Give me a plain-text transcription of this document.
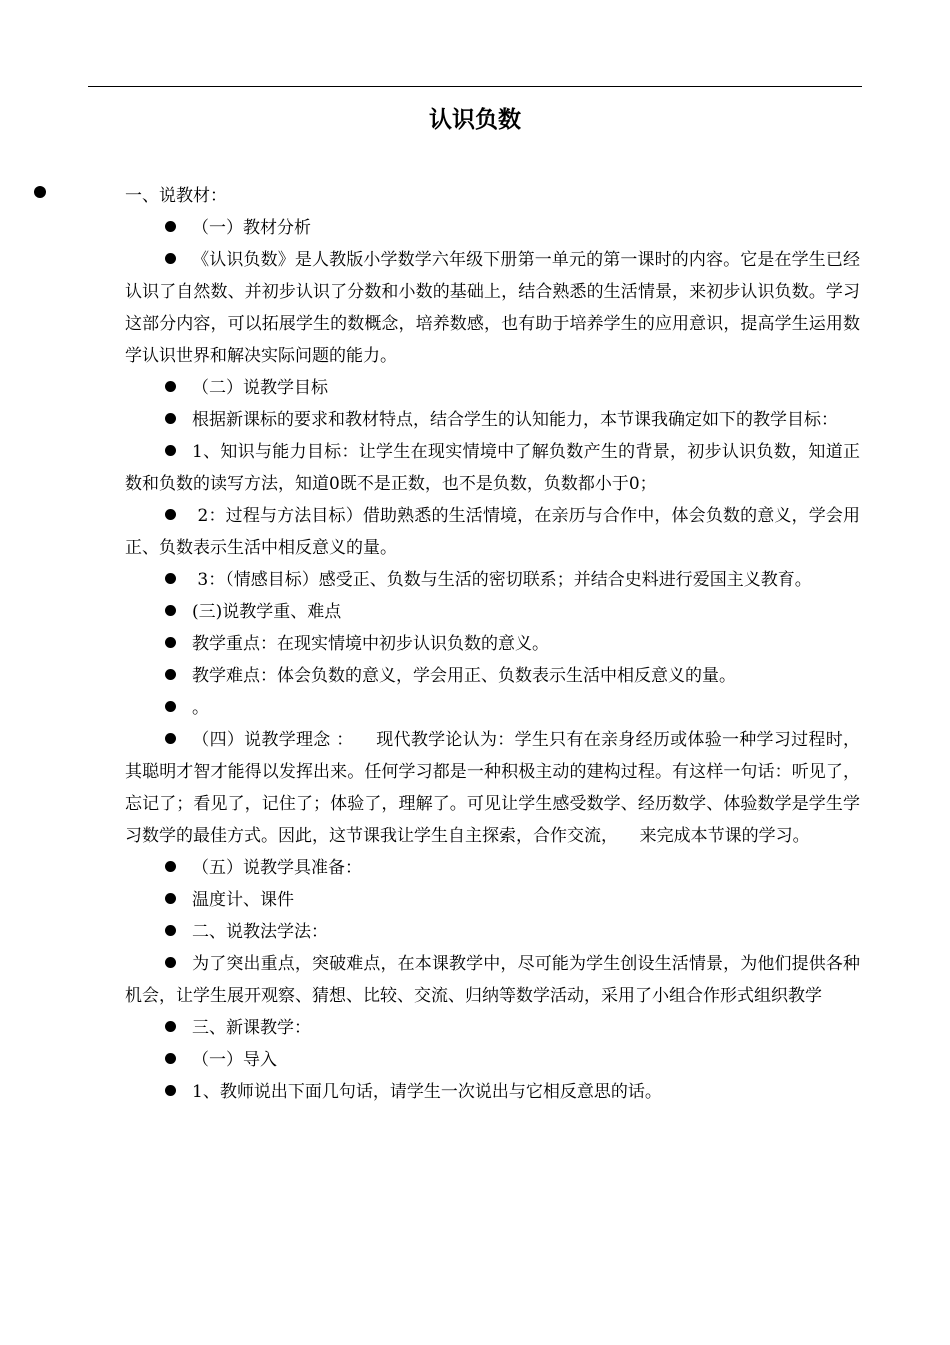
认识负数

一、说教材：

（一）教材分析

《认识负数》是人教版小学数学六年级下册第一单元的第一课时的内容。它是在学生已经认识了自然数、并初步认识了分数和小数的基础上，结合熟悉的生活情景，来初步认识负数。学习这部分内容，可以拓展学生的数概念，培养数感，也有助于培养学生的应用意识，提高学生运用数学认识世界和解决实际问题的能力。

（二）说教学目标

根据新课标的要求和教材特点，结合学生的认知能力，本节课我确定如下的教学目标：

1、知识与能力目标：让学生在现实情境中了解负数产生的背景，初步认识负数，知道正数和负数的读写方法，知道0既不是正数，也不是负数，负数都小于0；

2：过程与方法目标）借助熟悉的生活情境，在亲历与合作中，体会负数的意义，学会用正、负数表示生活中相反意义的量。

3：（情感目标）感受正、负数与生活的密切联系；并结合史料进行爱国主义教育。

(三)说教学重、难点

教学重点：在现实情境中初步认识负数的意义。

教学难点：体会负数的意义，学会用正、负数表示生活中相反意义的量。

。

（四）说教学理念 ：    现代教学论认为：学生只有在亲身经历或体验一种学习过程时，其聪明才智才能得以发挥出来。任何学习都是一种积极主动的建构过程。有这样一句话：听见了，忘记了；看见了，记住了；体验了，理解了。可见让学生感受数学、经历数学、体验数学是学生学习数学的最佳方式。因此，这节课我让学生自主探索，合作交流，    来完成本节课的学习。

（五）说教学具准备：

温度计、课件

二、说教法学法：

为了突出重点，突破难点，在本课教学中，尽可能为学生创设生活情景，为他们提供各种机会，让学生展开观察、猜想、比较、交流、归纳等数学活动，采用了小组合作形式组织教学

三、新课教学：

（一）导入

1、教师说出下面几句话，请学生一次说出与它相反意思的话。
